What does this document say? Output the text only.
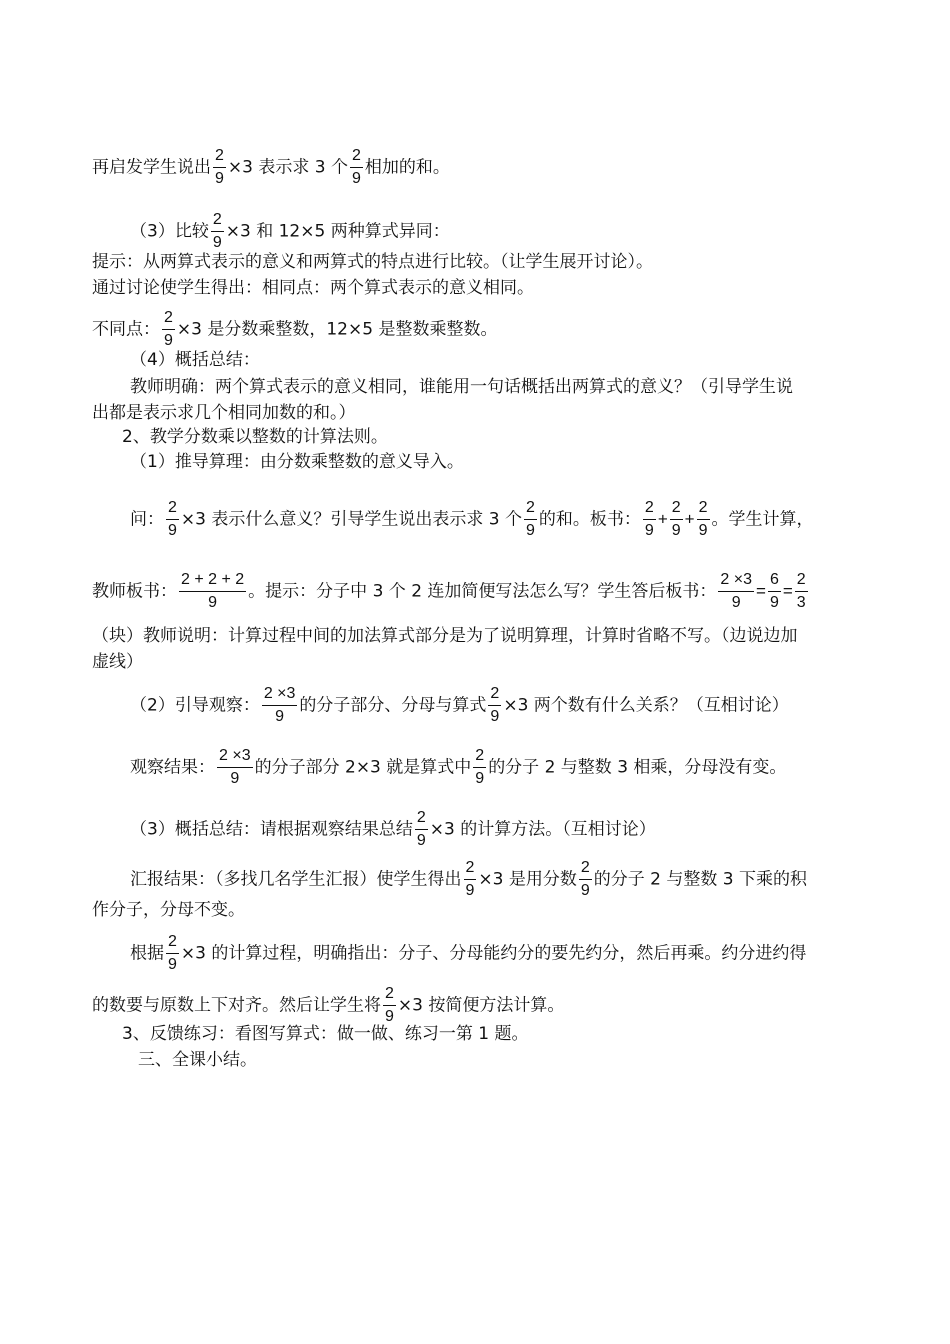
再启发学生说出 $\frac{2}{9} \times 3$ 表示求 3 个 $\frac{2}{9}$ 相加的和。
（3）比较 $\frac{2}{9} \times 3$ 和 12×5 两种算式异同：
提示：从两算式表示的意义和两算式的特点进行比较。（让学生展开讨论）。
通过讨论使学生得出：相同点：两个算式表示的意义相同。
不同点： $\frac{2}{9} \times 3$ 是分数乘整数，12×5 是整数乘整数。
（4）概括总结：
教师明确：两个算式表示的意义相同，谁能用一句话概括出两算式的意义？（引导学生说
出都是表示求几个相同加数的和。）
2、教学分数乘以整数的计算法则。
（1）推导算理：由分数乘整数的意义导入。
问： $\frac{2}{9} \times 3$ 表示什么意义？引导学生说出表示求 3 个 $\frac{2}{9}$ 的和。板书： $\frac{2}{9} + \frac{2}{9} + \frac{2}{9}$ 。学生计算，
教师板书： $\frac{2 + 2 + 2}{9}$ 。提示：分子中 3 个 2 连加简便写法怎么写？学生答后板书： $\frac{2 \times 3}{9} = \frac{6}{9} = \frac{2}{3}$
（块）教师说明：计算过程中间的加法算式部分是为了说明算理，计算时省略不写。（边说边加
虚线）
（2）引导观察： $\frac{2 \times 3}{9}$ 的分子部分、分母与算式 $\frac{2}{9} \times 3$ 两个数有什么关系？（互相讨论）
观察结果： $\frac{2 \times 3}{9}$ 的分子部分 2×3 就是算式中 $\frac{2}{9}$ 的分子 2 与整数 3 相乘，分母没有变。
（3）概括总结：请根据观察结果总结 $\frac{2}{9} \times 3$ 的计算方法。（互相讨论）
汇报结果：（多找几名学生汇报）使学生得出 $\frac{2}{9} \times 3$ 是用分数 $\frac{2}{9}$ 的分子 2 与整数 3 下乘的积
作分子，分母不变。
根据 $\frac{2}{9} \times 3$ 的计算过程，明确指出：分子、分母能约分的要先约分，然后再乘。约分进约得
的数要与原数上下对齐。然后让学生将 $\frac{2}{9} \times 3$ 按简便方法计算。
3、反馈练习：看图写算式：做一做、练习一第 1 题。
三、全课小结。
